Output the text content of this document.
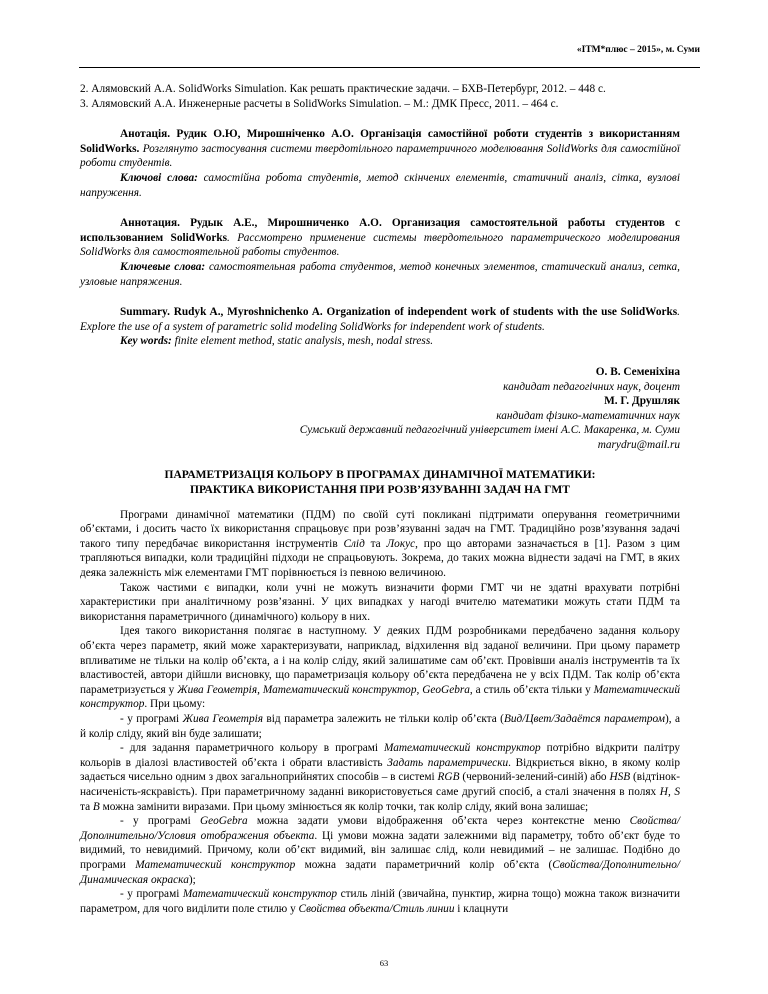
«ІТМ*плюс – 2015», м. Суми

2. Алямовский А.А. SolidWorks Simulation. Как решать практические задачи. – БХВ-Петербург, 2012. – 448 с.

3. Алямовский А.А. Инженерные расчеты в SolidWorks Simulation. – М.: ДМК Пресс, 2011. – 464 с.

Анотація. Рудик О.Ю, Мирошніченко А.О. Організація самостійної роботи студентів з використанням SolidWorks. Розглянуто застосування системи твердотільного параметричного моделювання SolidWorks для самостійної роботи студентів.

Ключові слова: самостійна робота студентів, метод скінчених елементів, статичний аналіз, сітка, вузлові напруження.

Аннотация. Рудык А.Е., Мирошниченко А.О. Организация самостоятельной работы студентов с использованием SolidWorks. Рассмотрено применение системы твердотельного параметрического моделирования SolidWorks для самостоятельной работы студентов.

Ключевые слова: самостоятельная работа студентов, метод конечных элементов, статический анализ, сетка, узловые напряжения.

Summary. Rudyk A., Myroshnichenko A. Organization of independent work of students with the use SolidWorks. Explore the use of a system of parametric solid modeling SolidWorks for independent work of students.

Key words: finite element method, static analysis, mesh, nodal stress.

О. В. Семеніхіна
кандидат педагогічних наук, доцент
М. Г. Друшляк
кандидат фізико-математичних наук
Сумський державний педагогічний університет імені А.С. Макаренка, м. Суми
marydru@mail.ru
ПАРАМЕТРИЗАЦІЯ КОЛЬОРУ В ПРОГРАМАХ ДИНАМІЧНОЇ МАТЕМАТИКИ:
ПРАКТИКА ВИКОРИСТАННЯ ПРИ РОЗВ’ЯЗУВАННІ ЗАДАЧ НА ГМТ

Програми динамічної математики (ПДМ) по своїй суті покликані підтримати оперування геометричними об’єктами, і досить часто їх використання спрацьовує при розв’язуванні задач на ГМТ. Традиційно розв’язування задачі такого типу передбачає використання інструментів Слід та Локус, про що авторами зазначається в [1]. Разом з цим трапляються випадки, коли традиційні підходи не спрацьовують. Зокрема, до таких можна віднести задачі на ГМТ, в яких деяка залежність між елементами ГМТ порівнюється із певною величиною.

Також частими є випадки, коли учні не можуть визначити форми ГМТ чи не здатні врахувати потрібні характеристики при аналітичному розв’язанні. У цих випадках у нагоді вчителю математики можуть стати ПДМ та використання параметричного (динамічного) кольору в них.

Ідея такого використання полягає в наступному. У деяких ПДМ розробниками передбачено задання кольору об’єкта через параметр, який може характеризувати, наприклад, відхилення від заданої величини. При цьому параметр впливатиме не тільки на колір об’єкта, а і на колір сліду, який залишатиме сам об’єкт. Провівши аналіз інструментів та їх властивостей, автори дійшли висновку, що параметризація кольору об’єкта передбачена не у всіх ПДМ. Так колір об’єкта параметризується у Жива Геометрія, Математический конструктор, GeoGebra, а стиль об’єкта тільки у Математический конструктор. При цьому:

- у програмі Жива Геометрія від параметра залежить не тільки колір об’єкта (Вид/Цвет/Задаётся параметром), а й колір сліду, який він буде залишати;

- для задання параметричного кольору в програмі Математический конструктор потрібно відкрити палітру кольорів в діалозі властивостей об’єкта і обрати властивість Задать параметрически. Відкриється вікно, в якому колір задається чисельно одним з двох загальноприйнятих способів – в системі RGB (червоний-зелений-синій) або HSB (відтінок-насиченість-яскравість). При параметричному заданні використовується саме другий спосіб, а сталі значення в полях H, S та B можна замінити виразами. При цьому змінюється як колір точки, так колір сліду, який вона залишає;

- у програмі GeoGebra можна задати умови відображення об’єкта через контекстне меню Свойства/Дополнительно/Условия отображения объекта. Ці умови можна задати залежними від параметру, тобто об’єкт буде то видимий, то невидимий. Причому, коли об’єкт видимий, він залишає слід, коли невидимий – не залишає. Подібно до програми Математический конструктор можна задати параметричний колір об’єкта (Свойства/Дополнительно/Динамическая окраска);

- у програмі Математический конструктор стиль ліній (звичайна, пунктир, жирна тощо) можна також визначити параметром, для чого виділити поле стилю у Свойства объекта/Стиль линии і клацнути

63
